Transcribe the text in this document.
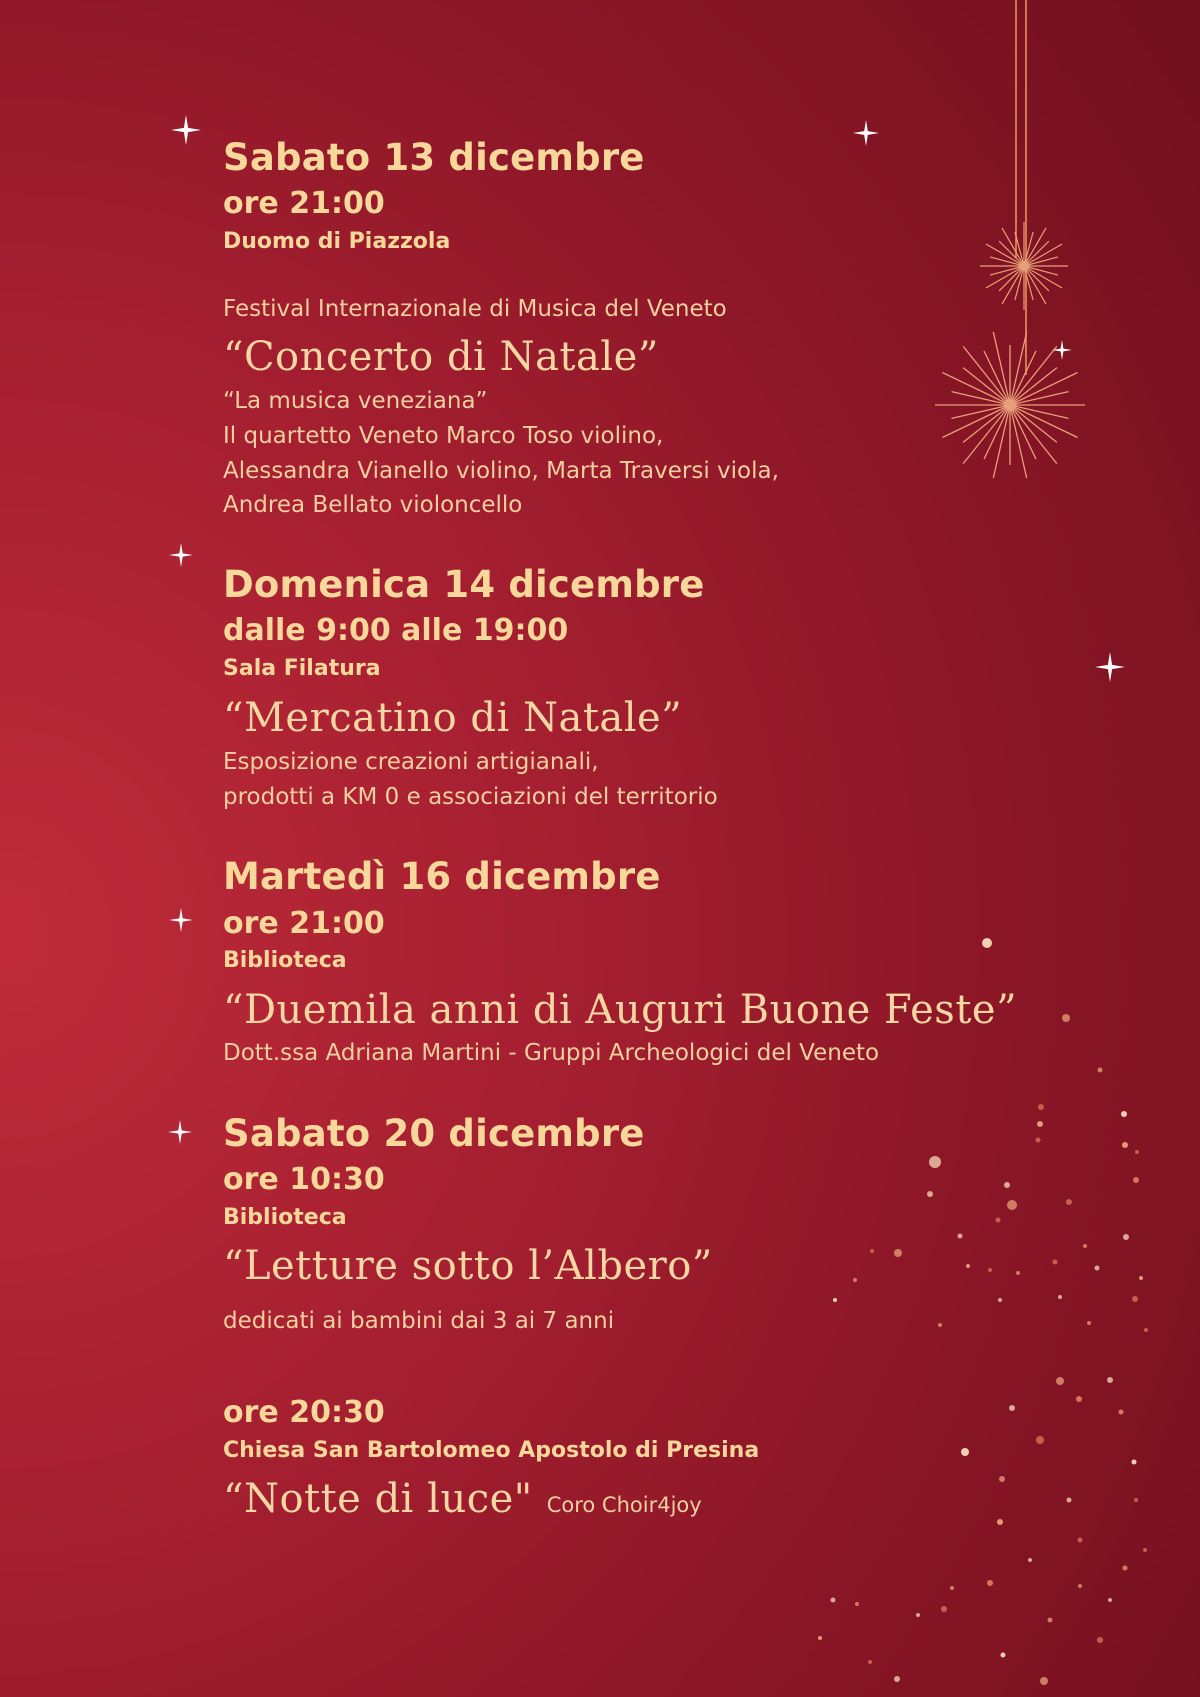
Sabato 13 dicembre
ore 21:00
Duomo di Piazzola
Festival Internazionale di Musica del Veneto
“Concerto di Natale”
“La musica veneziana”
Il quartetto Veneto Marco Toso violino,
Alessandra Vianello violino, Marta Traversi viola,
Andrea Bellato violoncello
Domenica 14 dicembre
dalle 9:00 alle 19:00
Sala Filatura
“Mercatino di Natale”
Esposizione creazioni artigianali,
prodotti a KM 0 e associazioni del territorio
Martedì 16 dicembre
ore 21:00
Biblioteca
“Duemila anni di Auguri Buone Feste”
Dott.ssa Adriana Martini - Gruppi Archeologici del Veneto
Sabato 20 dicembre
ore 10:30
Biblioteca
“Letture sotto l’Albero”
dedicati ai bambini dai 3 ai 7 anni
ore 20:30
Chiesa San Bartolomeo Apostolo di Presina
“Notte di luce" Coro Choir4joy
